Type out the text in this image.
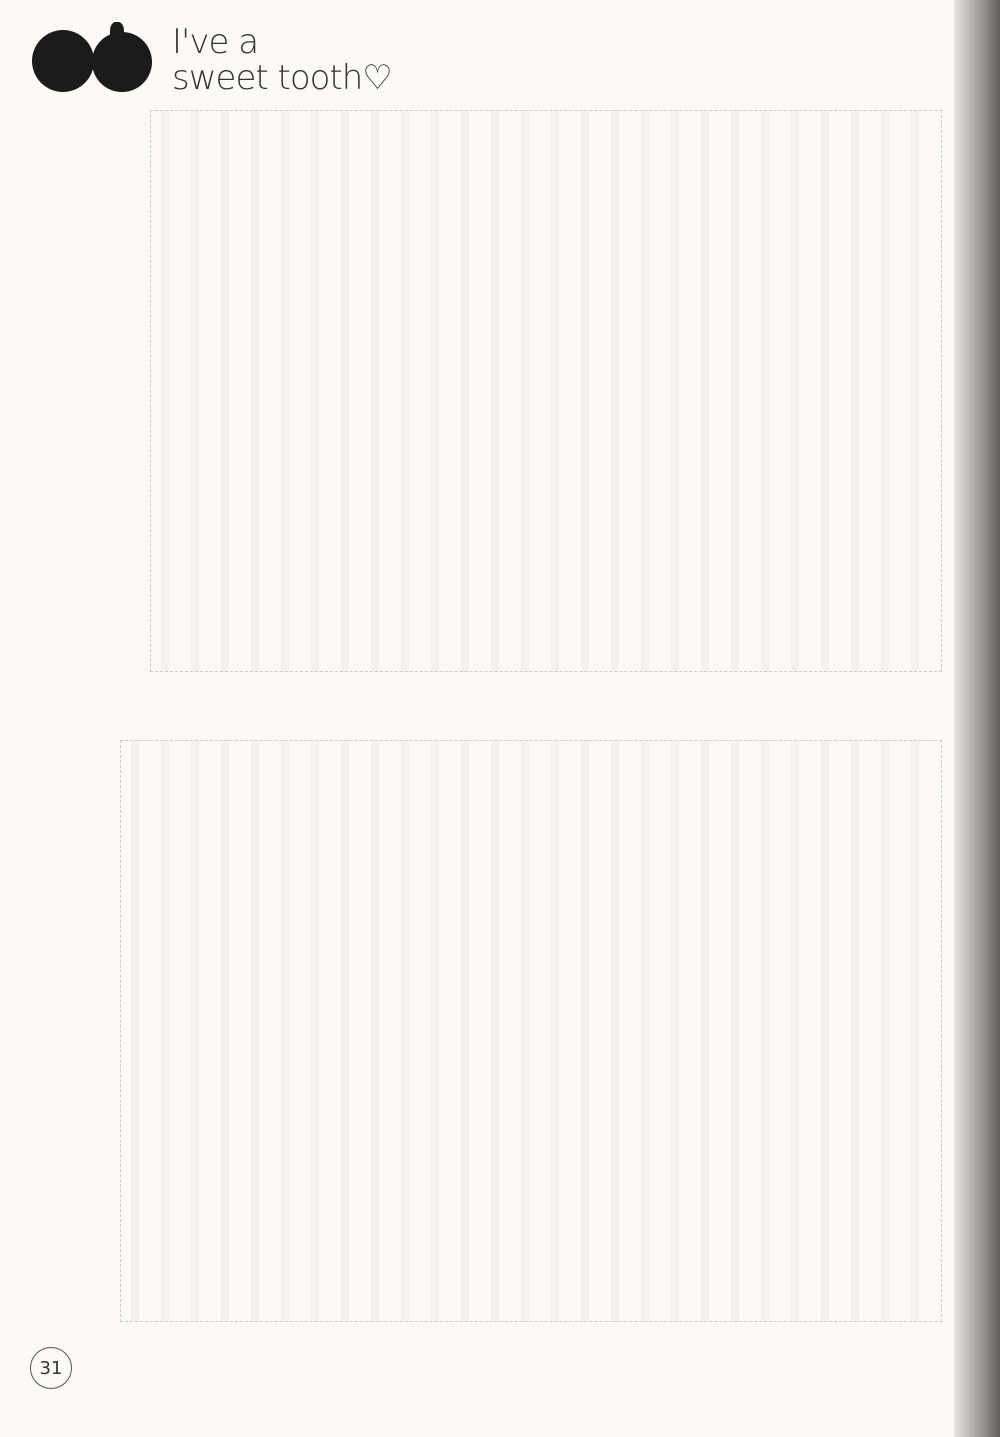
I've a
sweet tooth♡
31
